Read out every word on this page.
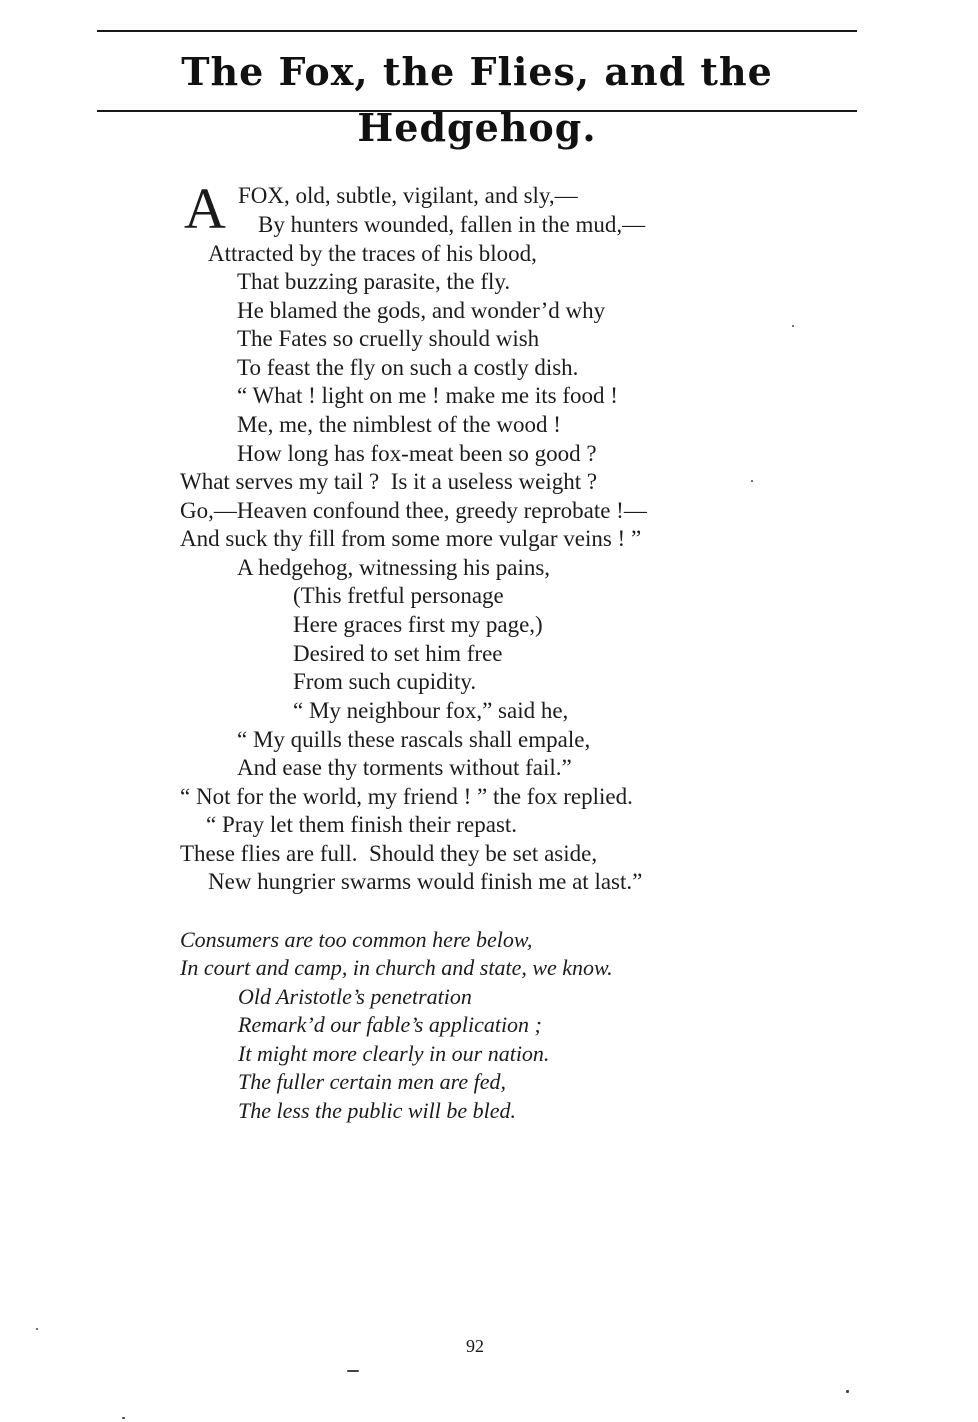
The Fox, the Flies, and the Hedgehog.
A FOX, old, subtle, vigilant, and sly,—
By hunters wounded, fallen in the mud,—
Attracted by the traces of his blood,
That buzzing parasite, the fly.
He blamed the gods, and wonder’d why
The Fates so cruelly should wish
To feast the fly on such a costly dish.
“ What ! light on me ! make me its food !
Me, me, the nimblest of the wood !
How long has fox-meat been so good ?
What serves my tail ?  Is it a useless weight ?
Go,—Heaven confound thee, greedy reprobate !—
And suck thy fill from some more vulgar veins ! ”
A hedgehog, witnessing his pains,
(This fretful personage
Here graces first my page,)
Desired to set him free
From such cupidity.
“ My neighbour fox,” said he,
“ My quills these rascals shall empale,
And ease thy torments without fail.”
“ Not for the world, my friend ! ” the fox replied.
“ Pray let them finish their repast.
These flies are full.  Should they be set aside,
New hungrier swarms would finish me at last.”
Consumers are too common here below,
In court and camp, in church and state, we know.
Old Aristotle’s penetration
Remark’d our fable’s application ;
It might more clearly in our nation.
The fuller certain men are fed,
The less the public will be bled.
92
